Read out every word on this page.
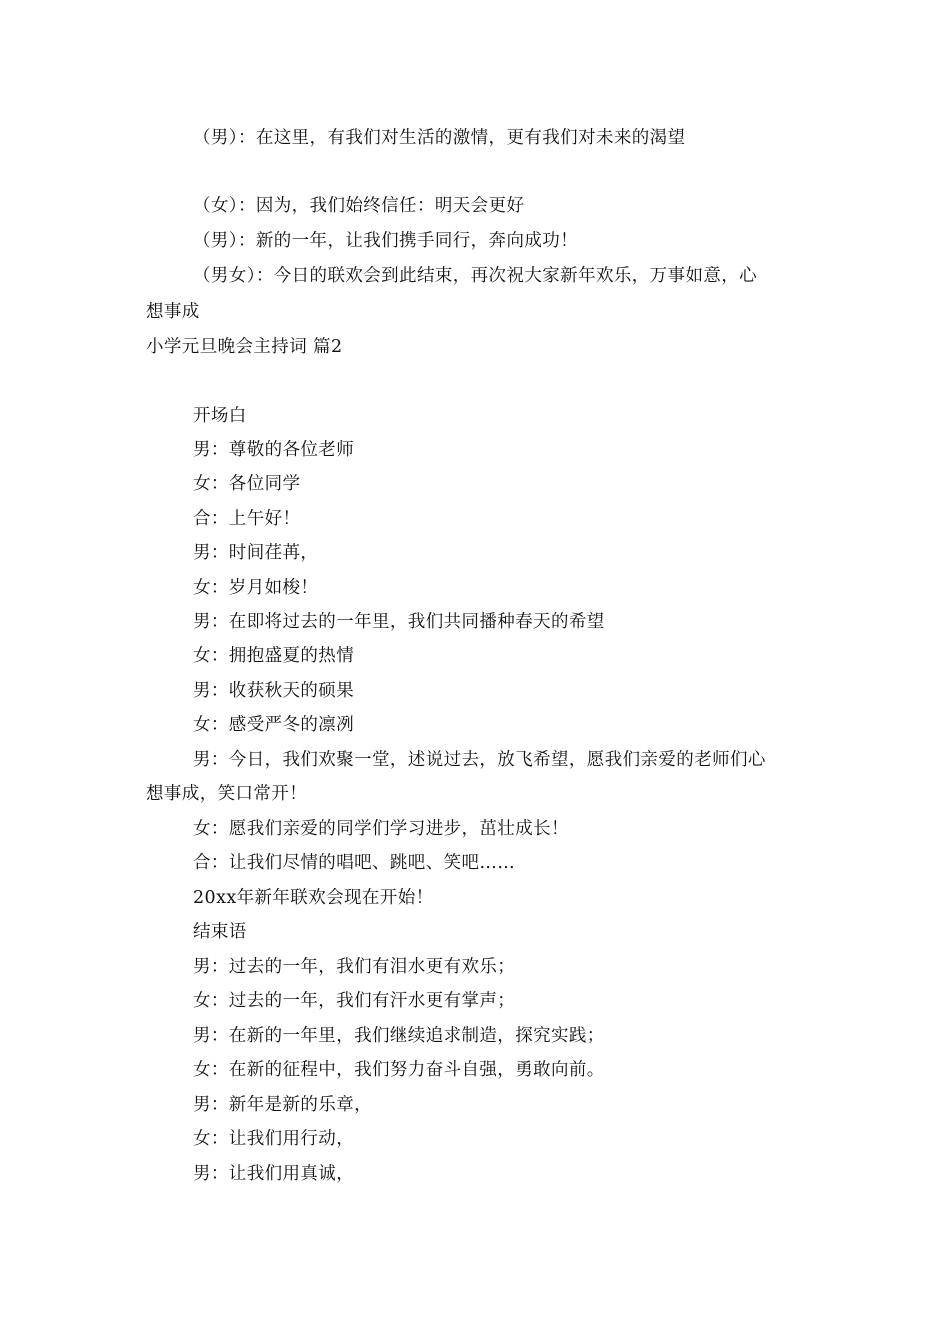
（男）：在这里，有我们对生活的激情，更有我们对未来的渴望
（女）：因为，我们始终信任：明天会更好
（男）：新的一年，让我们携手同行，奔向成功！
（男女）：今日的联欢会到此结束，再次祝大家新年欢乐，万事如意，心
想事成
小学元旦晚会主持词 篇2
开场白
男：尊敬的各位老师
女：各位同学
合：上午好！
男：时间荏苒，
女：岁月如梭！
男：在即将过去的一年里，我们共同播种春天的希望
女：拥抱盛夏的热情
男：收获秋天的硕果
女：感受严冬的凛冽
男：今日，我们欢聚一堂，述说过去，放飞希望，愿我们亲爱的老师们心
想事成，笑口常开！
女：愿我们亲爱的同学们学习进步，茁壮成长！
合：让我们尽情的唱吧、跳吧、笑吧……
20xx年新年联欢会现在开始！
结束语
男：过去的一年，我们有泪水更有欢乐；
女：过去的一年，我们有汗水更有掌声；
男：在新的一年里，我们继续追求制造，探究实践；
女：在新的征程中，我们努力奋斗自强，勇敢向前。
男：新年是新的乐章，
女：让我们用行动，
男：让我们用真诚，
